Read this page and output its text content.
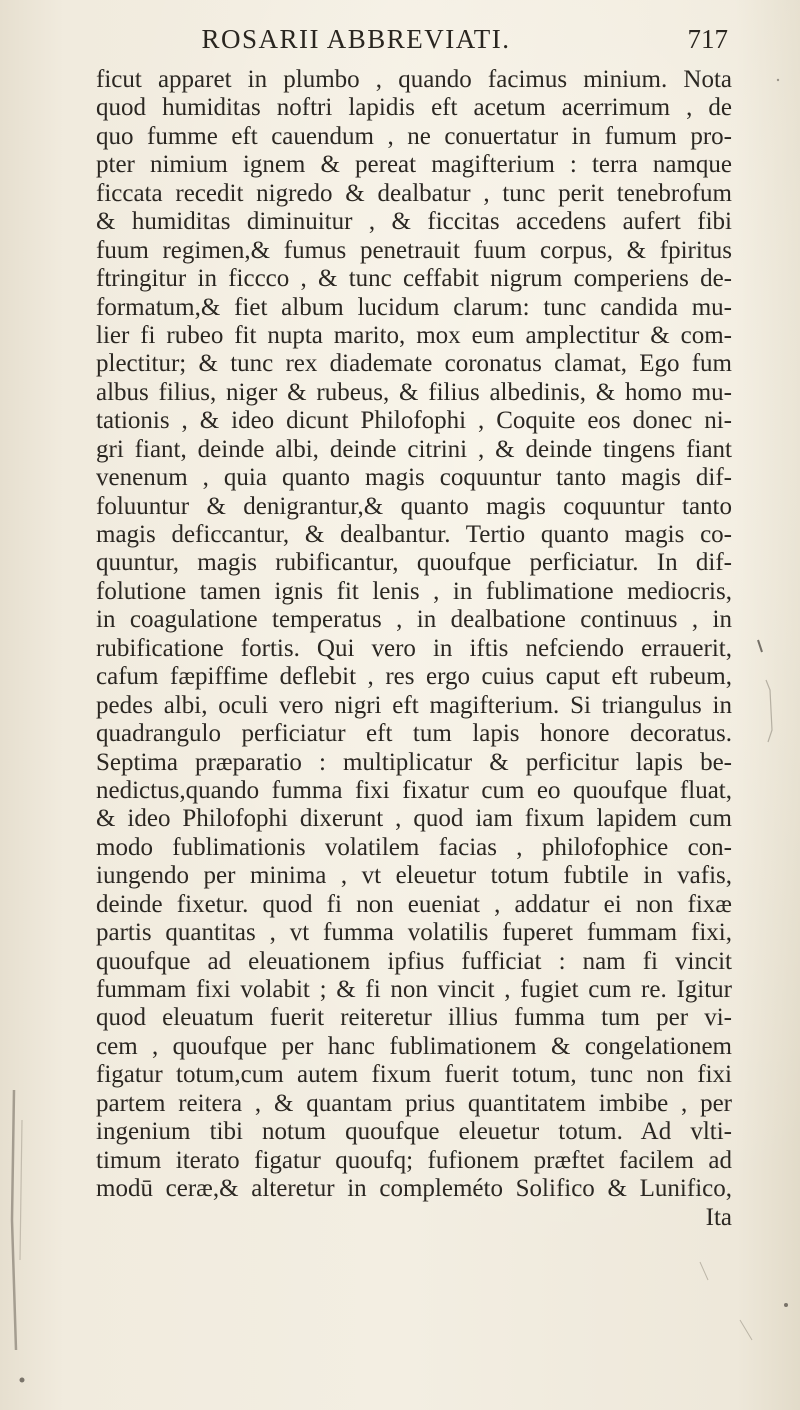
ROSARII ABBREVIATI.	717
ficut apparet in plumbo , quando facimus minium. Nota
quod humiditas noftri lapidis eft acetum acerrimum , de
quo fumme eft cauendum , ne conuertatur in fumum pro-
pter nimium ignem & pereat magifterium : terra namque
ficcata recedit nigredo & dealbatur , tunc perit tenebrofum
& humiditas diminuitur , & ficcitas accedens aufert fibi
fuum regimen,& fumus penetrauit fuum corpus, & fpiritus
ftringitur in ficcco , & tunc ceffabit nigrum comperiens de-
formatum,& fiet album lucidum clarum: tunc candida mu-
lier fi rubeo fit nupta marito, mox eum amplectitur & com-
plectitur; & tunc rex diademate coronatus clamat, Ego fum
albus filius, niger & rubeus, & filius albedinis, & homo mu-
tationis , & ideo dicunt Philofophi , Coquite eos donec ni-
gri fiant, deinde albi, deinde citrini , & deinde tingens fiant
venenum , quia quanto magis coquuntur tanto magis dif-
foluuntur & denigrantur,& quanto magis coquuntur tanto
magis deficcantur, & dealbantur. Tertio quanto magis co-
quuntur, magis rubificantur, quoufque perficiatur. In dif-
folutione tamen ignis fit lenis , in fublimatione mediocris,
in coagulatione temperatus , in dealbatione continuus , in
rubificatione fortis. Qui vero in iftis nefciendo errauerit,
cafum fæpiffime deflebit , res ergo cuius caput eft rubeum,
pedes albi, oculi vero nigri eft magifterium. Si triangulus in
quadrangulo perficiatur eft tum lapis honore decoratus.
Septima præparatio : multiplicatur & perficitur lapis be-
nedictus,quando fumma fixi fixatur cum eo quoufque fluat,
& ideo Philofophi dixerunt , quod iam fixum lapidem cum
modo fublimationis volatilem facias , philofophice con-
iungendo per minima , vt eleuetur totum fubtile in vafis,
deinde fixetur. quod fi non eueniat , addatur ei non fixæ
partis quantitas , vt fumma volatilis fuperet fummam fixi,
quoufque ad eleuationem ipfius fufficiat : nam fi vincit
fummam fixi volabit ; & fi non vincit , fugiet cum re. Igitur
quod eleuatum fuerit reiteretur illius fumma tum per vi-
cem , quoufque per hanc fublimationem & congelationem
figatur totum,cum autem fixum fuerit totum, tunc non fixi
partem reitera , & quantam prius quantitatem imbibe , per
ingenium tibi notum quoufque eleuetur totum. Ad vlti-
timum iterato figatur quoufq; fufionem præftet facilem ad
modū ceræ,& alteretur in compleméto Solifico & Lunifico,
Ita
